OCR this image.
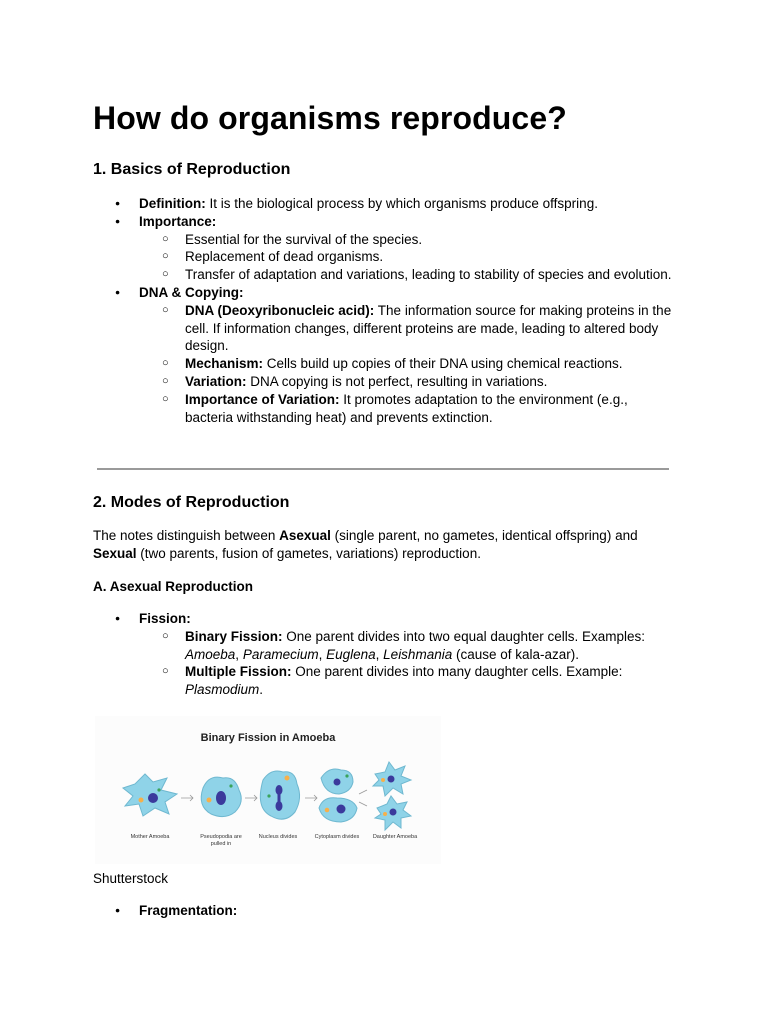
How do organisms reproduce?
1. Basics of Reproduction
● Definition: It is the biological process by which organisms produce offspring.
● Importance:
○ Essential for the survival of the species.
○ Replacement of dead organisms.
○ Transfer of adaptation and variations, leading to stability of species and evolution.
● DNA & Copying:
○ DNA (Deoxyribonucleic acid): The information source for making proteins in the cell. If information changes, different proteins are made, leading to altered body design.
○ Mechanism: Cells build up copies of their DNA using chemical reactions.
○ Variation: DNA copying is not perfect, resulting in variations.
○ Importance of Variation: It promotes adaptation to the environment (e.g., bacteria withstanding heat) and prevents extinction.
2. Modes of Reproduction

The notes distinguish between Asexual (single parent, no gametes, identical offspring) and Sexual (two parents, fusion of gametes, variations) reproduction.

A. Asexual Reproduction
● Fission:
○ Binary Fission: One parent divides into two equal daughter cells. Examples: Amoeba, Paramecium, Euglena, Leishmania (cause of kala-azar).
○ Multiple Fission: One parent divides into many daughter cells. Example: Plasmodium.
Binary Fission in Amoeba
Mother Amoeba	Pseudopodia are pulled in
Nucleus divides	Cytoplasm divides	Daughter Amoeba
Shutterstock
● Fragmentation:
